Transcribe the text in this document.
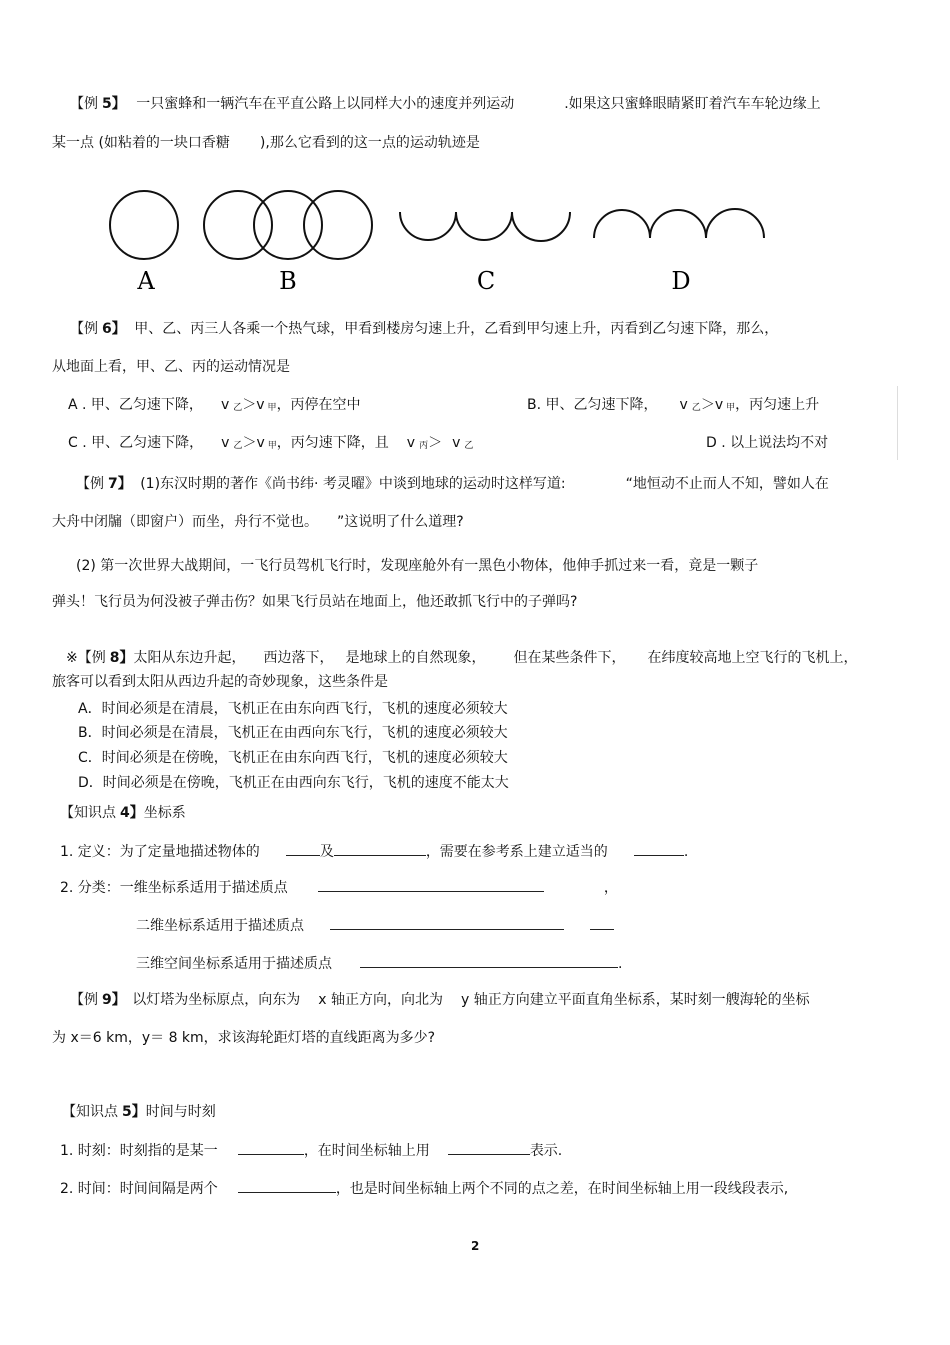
【例 5】 一只蜜蜂和一辆汽车在平直公路上以同样大小的速度并列运动	.如果这只蜜蜂眼睛紧盯着汽车车轮边缘上
某一点 (如粘着的一块口香糖 ),那么它看到的这一点的运动轨迹是
A	B	C	D
【例 6】 甲、乙、丙三人各乘一个热气球，甲看到楼房匀速上升，乙看到甲匀速上升，丙看到乙匀速下降，那么，
从地面上看，甲、乙、丙的运动情况是
A . 甲、乙匀速下降， v 乙＞v 甲，丙停在空中	B. 甲、乙匀速下降， v 乙＞v 甲，丙匀速上升
C . 甲、乙匀速下降， v 乙＞v 甲，丙匀速下降，且 v 丙＞ v 乙	D . 以上说法均不对
【例 7】 (1)东汉时期的著作《尚书纬· 考灵曜》中谈到地球的运动时这样写道:	“地恒动不止而人不知，譬如人在
大舟中闭牖（即窗户）而坐，舟行不觉也。 ”这说明了什么道理?
(2) 第一次世界大战期间，一飞行员驾机飞行时，发现座舱外有一黑色小物体，他伸手抓过来一看，竟是一颗子
弹头！飞行员为何没被子弹击伤？如果飞行员站在地面上，他还敢抓飞行中的子弹吗?
※【例 8】太阳从东边升起， 西边落下， 是地球上的自然现象， 但在某些条件下， 在纬度较高地上空飞行的飞机上，
旅客可以看到太阳从西边升起的奇妙现象，这些条件是
A．时间必须是在清晨，飞机正在由东向西飞行，飞机的速度必须较大
B．时间必须是在清晨，飞机正在由西向东飞行，飞机的速度必须较大
C．时间必须是在傍晚，飞机正在由东向西飞行，飞机的速度必须较大
D．时间必须是在傍晚，飞机正在由西向东飞行，飞机的速度不能太大
【知识点 4】坐标系
1. 定义：为了定量地描述物体的	及	，需要在参考系上建立适当的	.
2. 分类：一维坐标系适用于描述质点	，
二维坐标系适用于描述质点
三维空间坐标系适用于描述质点	.
【例 9】 以灯塔为坐标原点，向东为 x 轴正方向，向北为 y 轴正方向建立平面直角坐标系，某时刻一艘海轮的坐标
为 x＝6 km，y＝ 8 km，求该海轮距灯塔的直线距离为多少?
【知识点 5】时间与时刻
1. 时刻：时刻指的是某一	，在时间坐标轴上用	表示.
2. 时间：时间间隔是两个	，也是时间坐标轴上两个不同的点之差，在时间坐标轴上用一段线段表示,
2
